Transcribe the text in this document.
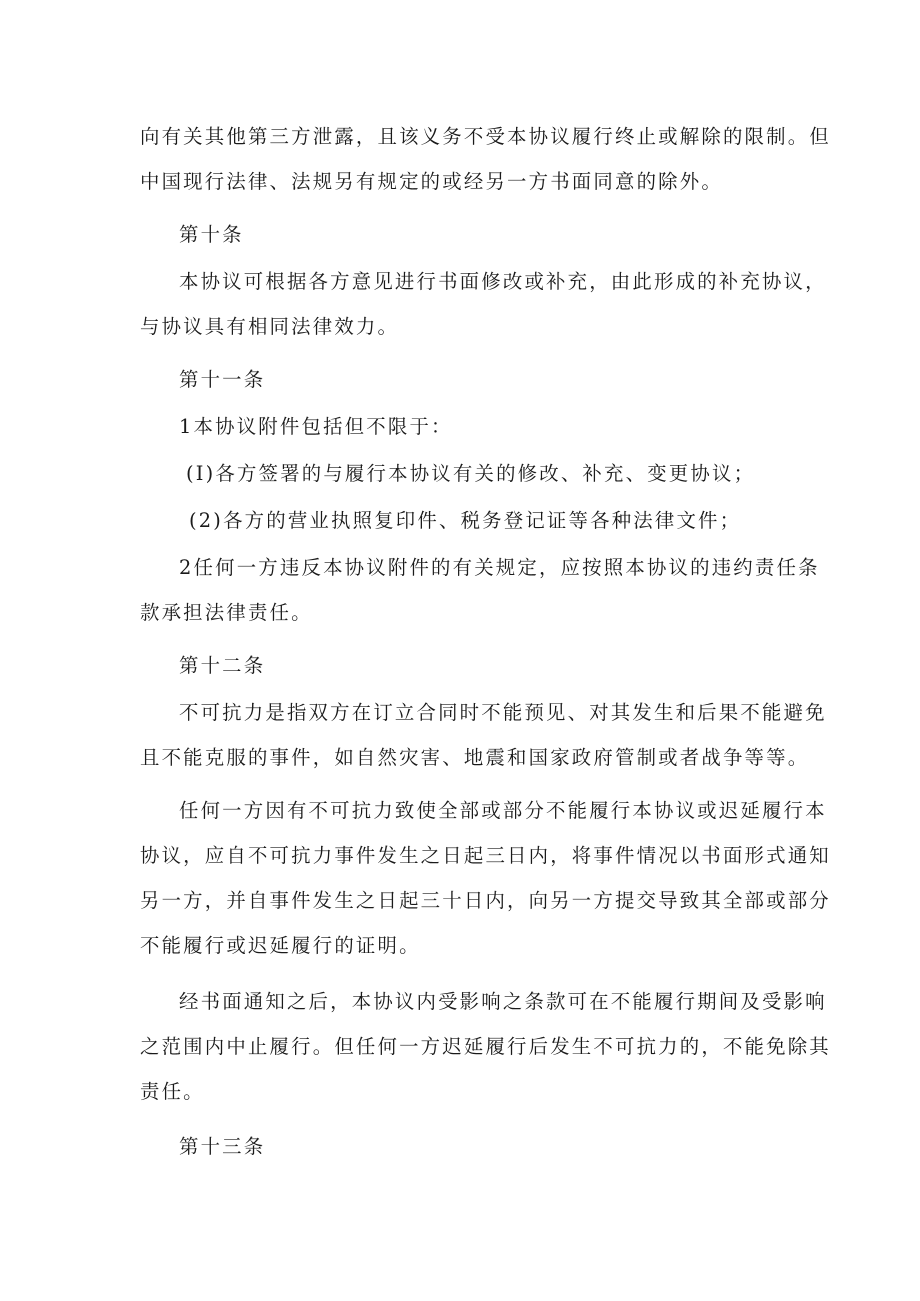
向有关其他第三方泄露，且该义务不受本协议履行终止或解除的限制。但
中国现行法律、法规另有规定的或经另一方书面同意的除外。
第十条
本协议可根据各方意见进行书面修改或补充，由此形成的补充协议，
与协议具有相同法律效力。
第十一条
1本协议附件包括但不限于：
(I)各方签署的与履行本协议有关的修改、补充、变更协议；
(2)各方的营业执照复印件、税务登记证等各种法律文件；
2任何一方违反本协议附件的有关规定，应按照本协议的违约责任条
款承担法律责任。
第十二条
不可抗力是指双方在订立合同时不能预见、对其发生和后果不能避免
且不能克服的事件，如自然灾害、地震和国家政府管制或者战争等等。
任何一方因有不可抗力致使全部或部分不能履行本协议或迟延履行本
协议，应自不可抗力事件发生之日起三日内，将事件情况以书面形式通知
另一方，并自事件发生之日起三十日内，向另一方提交导致其全部或部分
不能履行或迟延履行的证明。
经书面通知之后，本协议内受影响之条款可在不能履行期间及受影响
之范围内中止履行。但任何一方迟延履行后发生不可抗力的，不能免除其
责任。
第十三条
